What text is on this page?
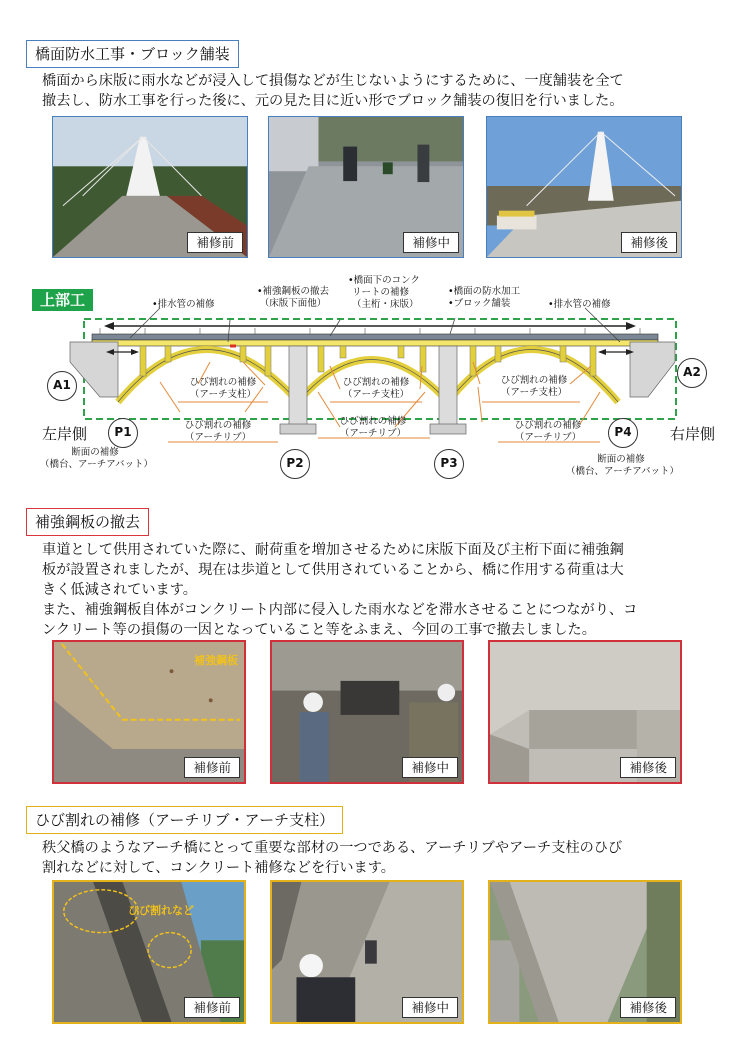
橋面防水工事・ブロック舗装
橋面から床版に雨水などが浸入して損傷などが生じないようにするために、一度舗装を全て
撤去し、防水工事を行った後に、元の見た目に近い形でブロック舗装の復旧を行いました。
補修前	補修中	補修後
上部工	•排水管の補修
•補強鋼板の撤去
（床版下面他）
•橋面下のコンク
リートの補修
（主桁・床版）
•橋面の防水加工
•ブロック舗装	•排水管の補修
ひび割れの補修
（アーチ支柱）
ひび割れの補修
（アーチ支柱）
ひび割れの補修
（アーチ支柱）
ひび割れの補修
（アーチリブ）
ひび割れの補修
（アーチリブ）
ひび割れの補修
（アーチリブ）
断面の補修
（橋台、アーチアバット）	断面の補修
（橋台、アーチアバット）
A1
P1
P2	P3
P4
A2
左岸側	右岸側
補強鋼板の撤去
車道として供用されていた際に、耐荷重を増加させるために床版下面及び主桁下面に補強鋼
板が設置されましたが、現在は歩道として供用されていることから、橋に作用する荷重は大
きく低減されています。
また、補強鋼板自体がコンクリート内部に侵入した雨水などを滞水させることにつながり、コ
ンクリート等の損傷の一因となっていること等をふまえ、今回の工事で撤去しました。
補強鋼板
補修前	補修中	補修後
ひび割れの補修（アーチリブ・アーチ支柱）
秩父橋のようなアーチ橋にとって重要な部材の一つである、アーチリブやアーチ支柱のひび
割れなどに対して、コンクリート補修などを行います。
ひび割れなど
補修前	補修中	補修後
